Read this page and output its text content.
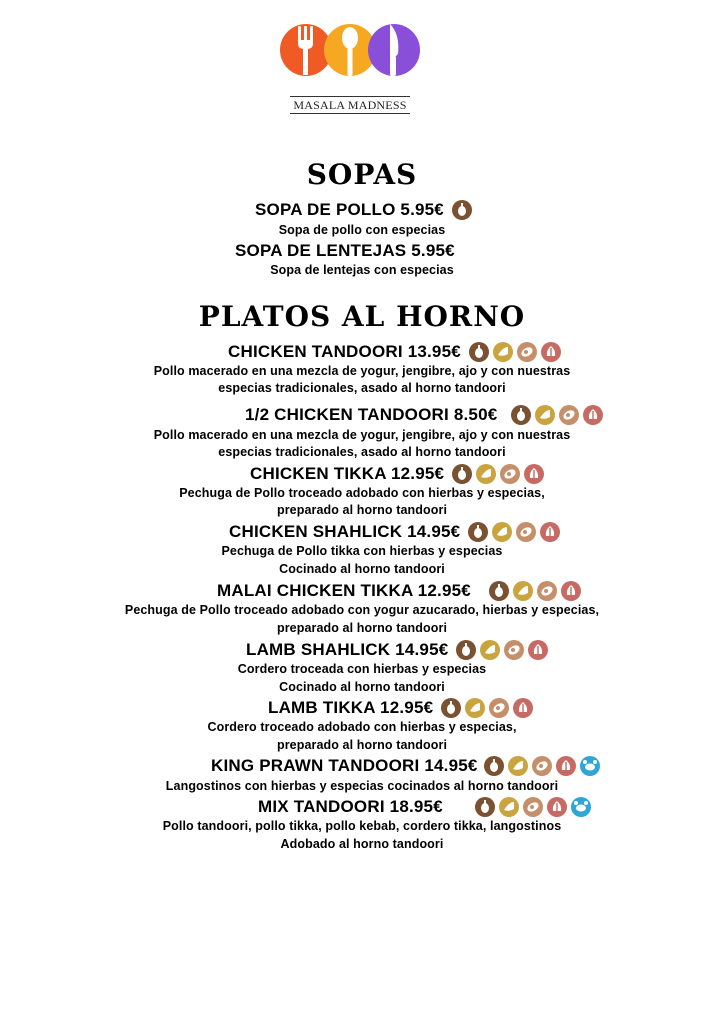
MASALA MADNESS
SOPAS
SOPA DE POLLO 5.95€
Sopa de pollo con especias
SOPA DE LENTEJAS 5.95€
Sopa de lentejas con especias
PLATOS AL HORNO
CHICKEN TANDOORI 13.95€
Pollo macerado en una mezcla de yogur, jengibre, ajo y con nuestras
especias tradicionales, asado al horno tandoori
1/2 CHICKEN TANDOORI 8.50€
Pollo macerado en una mezcla de yogur, jengibre, ajo y con nuestras
especias tradicionales, asado al horno tandoori
CHICKEN TIKKA 12.95€
Pechuga de Pollo troceado adobado con hierbas y especias,
preparado al horno tandoori
CHICKEN SHAHLICK 14.95€
Pechuga de Pollo tikka con hierbas y especias
Cocinado al horno tandoori
MALAI CHICKEN TIKKA 12.95€
Pechuga de Pollo troceado adobado con yogur azucarado, hierbas y especias,
preparado al horno tandoori
LAMB SHAHLICK 14.95€
Cordero troceada con hierbas y especias
Cocinado al horno tandoori
LAMB TIKKA 12.95€
Cordero troceado adobado con hierbas y especias,
preparado al horno tandoori
KING PRAWN TANDOORI 14.95€
Langostinos con hierbas y especias cocinados al horno tandoori
MIX TANDOORI 18.95€
Pollo tandoori, pollo tikka, pollo kebab, cordero tikka, langostinos
Adobado al horno tandoori
